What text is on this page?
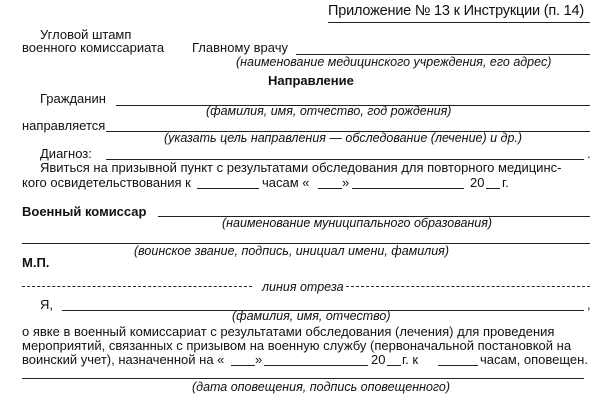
Приложение № 13 к Инструкции (п. 14)
Угловой штамп
военного комиссариата Главному врачу
(наименование медицинского учреждения, его адрес)
Направление
Гражданин
(фамилия, имя, отчество, год рождения)
направляется
(указать цель направления — обследование (лечение) и др.)
Диагноз:	.
Явиться на призывной пункт с результатами обследования для повторного медицинс-
кого освидетельствования к	часам « »	20 г.
Военный комиссар
(наименование муниципального образования)
(воинское звание, подпись, инициал имени, фамилия)
М.П.
линия отреза
Я,	,
(фамилия, имя, отчество)
о явке в военный комиссариат с результатами обследования (лечения) для проведения
мероприятий, связанных с призывом на военную службу (первоначальной постановкой на
воинский учет), назначенной на « »	20 г. к	часам, оповещен.
(дата оповещения, подпись оповещенного)
